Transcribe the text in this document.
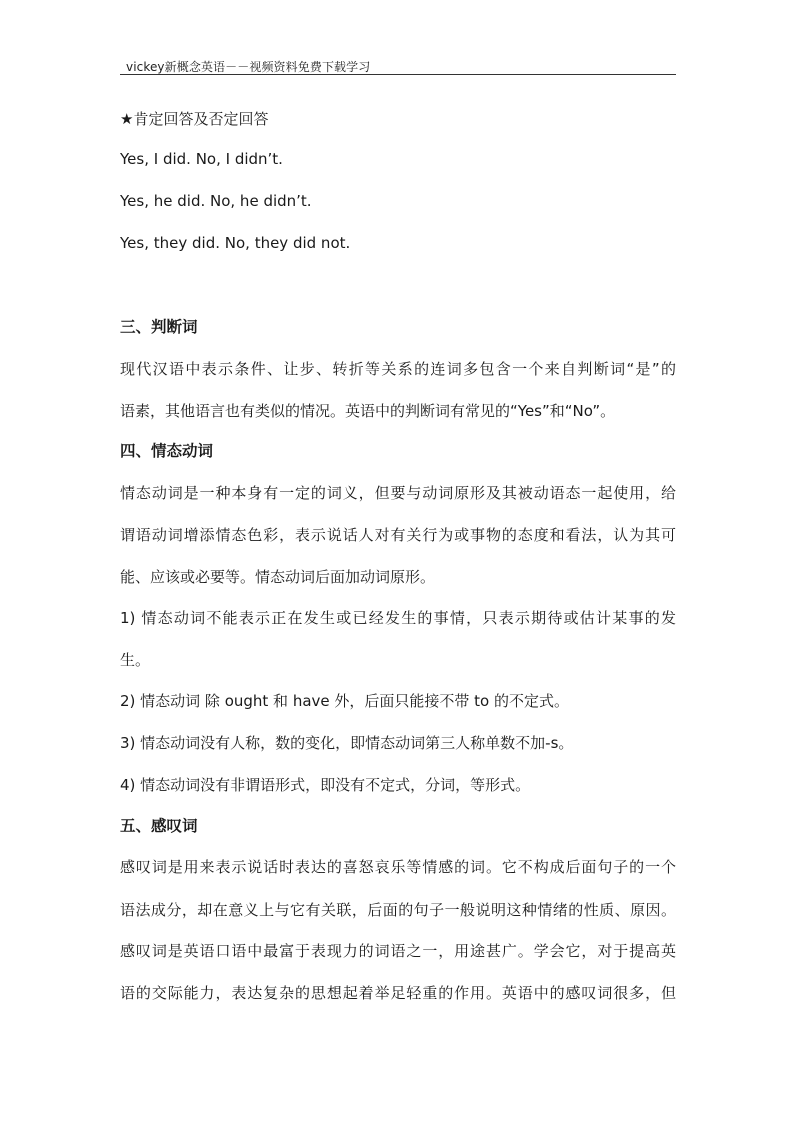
vickey新概念英语－－视频资料免费下载学习
★肯定回答及否定回答
Yes, I did. No, I didn’t.
Yes, he did. No, he didn’t.
Yes, they did. No, they did not.
三、判断词
现代汉语中表示条件、让步、转折等关系的连词多包含一个来自判断词“是”的
语素，其他语言也有类似的情况。英语中的判断词有常见的“Yes”和“No”。
四、情态动词
情态动词是一种本身有一定的词义，但要与动词原形及其被动语态一起使用，给
谓语动词增添情态色彩，表示说话人对有关行为或事物的态度和看法，认为其可
能、应该或必要等。情态动词后面加动词原形。
1) 情态动词不能表示正在发生或已经发生的事情，只表示期待或估计某事的发
生。
2) 情态动词 除 ought 和 have 外，后面只能接不带 to 的不定式。
3) 情态动词没有人称，数的变化，即情态动词第三人称单数不加-s。
4) 情态动词没有非谓语形式，即没有不定式，分词，等形式。
五、感叹词
感叹词是用来表示说话时表达的喜怒哀乐等情感的词。它不构成后面句子的一个
语法成分，却在意义上与它有关联，后面的句子一般说明这种情绪的性质、原因。
感叹词是英语口语中最富于表现力的词语之一，用途甚广。学会它，对于提高英
语的交际能力，表达复杂的思想起着举足轻重的作用。英语中的感叹词很多，但
